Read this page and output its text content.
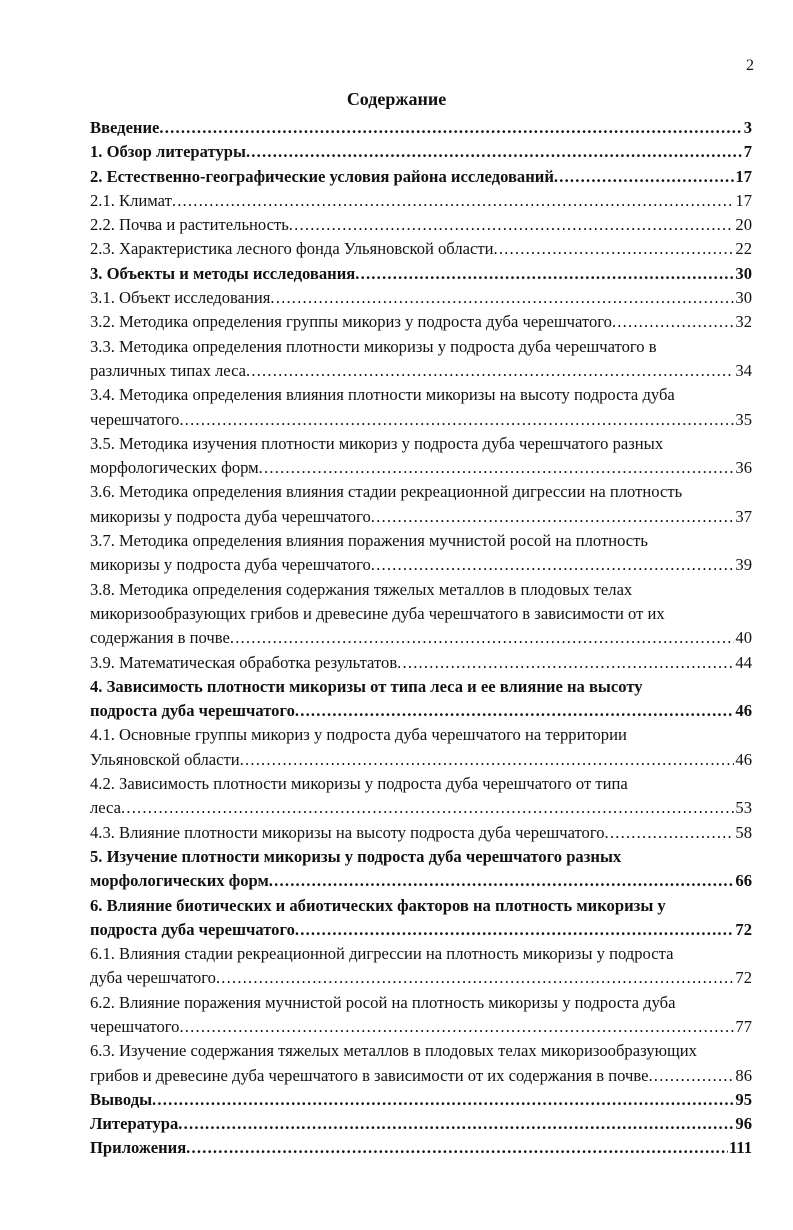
2
Содержание
Введение .....	3
1. Обзор литературы .....	7
2. Естественно-географические условия района исследований .....	17
2.1. Климат .....	17
2.2. Почва и растительность .....	20
2.3. Характеристика лесного фонда Ульяновской области .....	22
3. Объекты и методы исследования .....	30
3.1. Объект исследования .....	30
3.2. Методика определения группы микориз у подроста дуба черешчатого .....	32
3.3. Методика определения плотности микоризы у подроста дуба черешчатого в
различных типах леса .....	34
3.4. Методика определения влияния плотности микоризы на высоту подроста дуба
черешчатого .....	35
3.5. Методика изучения плотности микориз у подроста дуба черешчатого разных
морфологических форм .....	36
3.6. Методика определения влияния стадии рекреационной дигрессии на плотность
микоризы у подроста дуба черешчатого .....	37
3.7. Методика определения влияния поражения мучнистой росой на плотность
микоризы у подроста дуба черешчатого .....	39
3.8. Методика определения содержания тяжелых металлов в плодовых телах
микоризообразующих грибов и древесине дуба черешчатого в зависимости от их
содержания в почве .....	40
3.9. Математическая обработка результатов .....	44
4. Зависимость плотности микоризы от типа леса и ее влияние на высоту
подроста дуба черешчатого .....	46
4.1. Основные группы микориз у подроста дуба черешчатого на территории
Ульяновской области .....	46
4.2. Зависимость плотности микоризы у подроста дуба черешчатого от типа
леса .....	53
4.3. Влияние плотности микоризы на высоту подроста дуба черешчатого .....	58
5. Изучение плотности микоризы у подроста дуба черешчатого разных
морфологических форм .....	66
6. Влияние биотических и абиотических факторов на плотность микоризы у
подроста дуба черешчатого .....	72
6.1. Влияния стадии рекреационной дигрессии на плотность микоризы у подроста
дуба черешчатого .....	72
6.2. Влияние поражения мучнистой росой на плотность микоризы у подроста дуба
черешчатого .....	77
6.3. Изучение содержания тяжелых металлов в плодовых телах микоризообразующих
грибов и древесине дуба черешчатого в зависимости от их содержания в почве .....	86
Выводы .....	95
Литература .....	96
Приложения .....	111
